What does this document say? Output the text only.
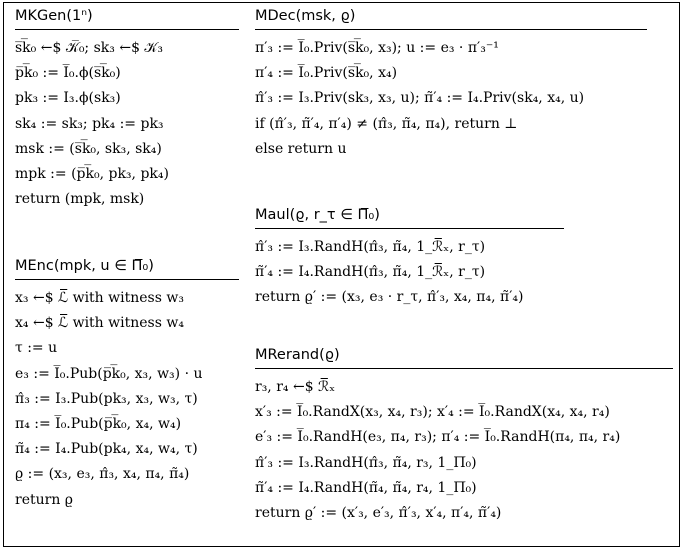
MKGen(1ⁿ)
s̅k̅₀ ←$ 𝒦̅₀; sk₃ ←$ 𝒦₃
p̅k̅₀ := I̅₀.ϕ(s̅k̅₀)
pk₃ := I₃.ϕ(sk₃)
sk₄ := sk₃; pk₄ := pk₃
msk := (s̅k̅₀, sk₃, sk₄)
mpk := (p̅k̅₀, pk₃, pk₄)
return (mpk, msk)
MEnc(mpk, u ∈ Π̅₀)
x₃ ←$ ℒ̅ with witness w₃
x₄ ←$ ℒ̅ with witness w₄
τ := u
e₃ := I̅₀.Pub(p̅k̅₀, x₃, w₃) · u
π̂₃ := I₃.Pub(pk₃, x₃, w₃, τ)
π₄ := I̅₀.Pub(p̅k̅₀, x₄, w₄)
π̃₄ := I₄.Pub(pk₄, x₄, w₄, τ)
ϱ := (x₃, e₃, π̂₃, x₄, π₄, π̃₄)
return ϱ
MDec(msk, ϱ)
π′₃ := I̅₀.Priv(s̅k̅₀, x₃); u := e₃ · π′₃⁻¹
π′₄ := I̅₀.Priv(s̅k̅₀, x₄)
π̂′₃ := I₃.Priv(sk₃, x₃, u); π̃′₄ := I₄.Priv(sk₄, x₄, u)
if (π̂′₃, π̃′₄, π′₄) ≠ (π̂₃, π̃₄, π₄), return ⊥
else return u
Maul(ϱ, r_τ ∈ Π̅₀)
π̂′₃ := I₃.RandH(π̂₃, π̃₄, 1_ℛ̅ₓ, r_τ)
π̃′₄ := I₄.RandH(π̂₃, π̃₄, 1_ℛ̅ₓ, r_τ)
return ϱ′ := (x₃, e₃ · r_τ, π̂′₃, x₄, π₄, π̃′₄)
MRerand(ϱ)
r₃, r₄ ←$ ℛ̅ₓ
x′₃ := I̅₀.RandX(x₃, x₄, r₃); x′₄ := I̅₀.RandX(x₄, x₄, r₄)
e′₃ := I̅₀.RandH(e₃, π₄, r₃); π′₄ := I̅₀.RandH(π₄, π₄, r₄)
π̂′₃ := I₃.RandH(π̂₃, π̃₄, r₃, 1_Π̅₀)
π̃′₄ := I₄.RandH(π̃₄, π̃₄, r₄, 1_Π̅₀)
return ϱ′ := (x′₃, e′₃, π̂′₃, x′₄, π′₄, π̃′₄)
